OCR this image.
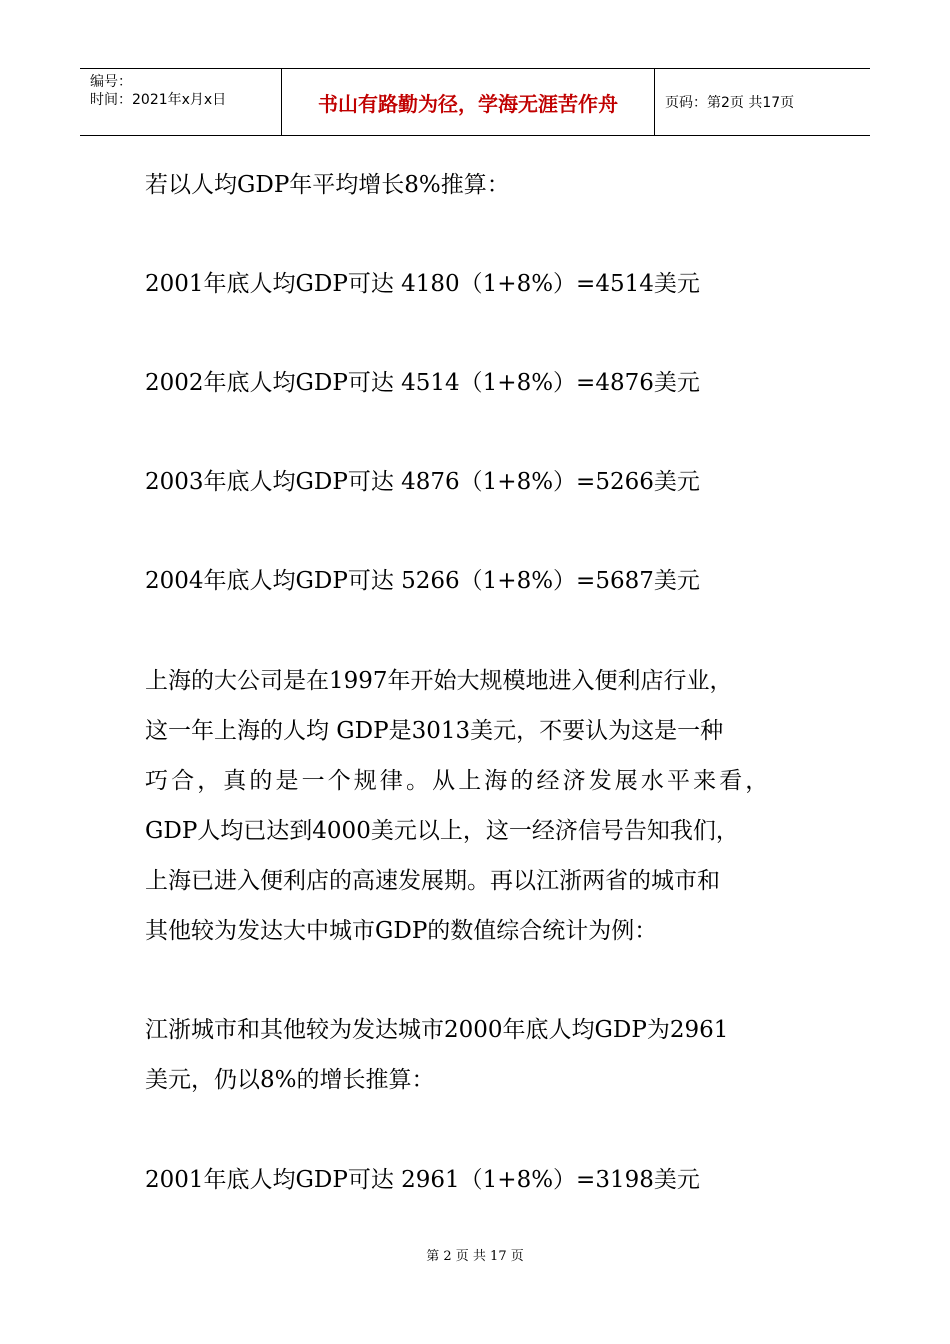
编号：
时间：2021年x月x日	书山有路勤为径，学海无涯苦作舟	页码：第2页 共17页
若以人均GDP年平均增长8%推算：
2001年底人均GDP可达 4180（1+8%）=4514美元
2002年底人均GDP可达 4514（1+8%）=4876美元
2003年底人均GDP可达 4876（1+8%）=5266美元
2004年底人均GDP可达 5266（1+8%）=5687美元
上海的大公司是在1997年开始大规模地进入便利店行业，
这一年上海的人均 GDP是3013美元，不要认为这是一种
巧合，真的是一个规律。从上海的经济发展水平来看，
GDP人均已达到4000美元以上，这一经济信号告知我们，
上海已进入便利店的高速发展期。再以江浙两省的城市和
其他较为发达大中城市GDP的数值综合统计为例：
江浙城市和其他较为发达城市2000年底人均GDP为2961
美元，仍以8%的增长推算：
2001年底人均GDP可达 2961（1+8%）=3198美元
第 2 页 共 17 页
